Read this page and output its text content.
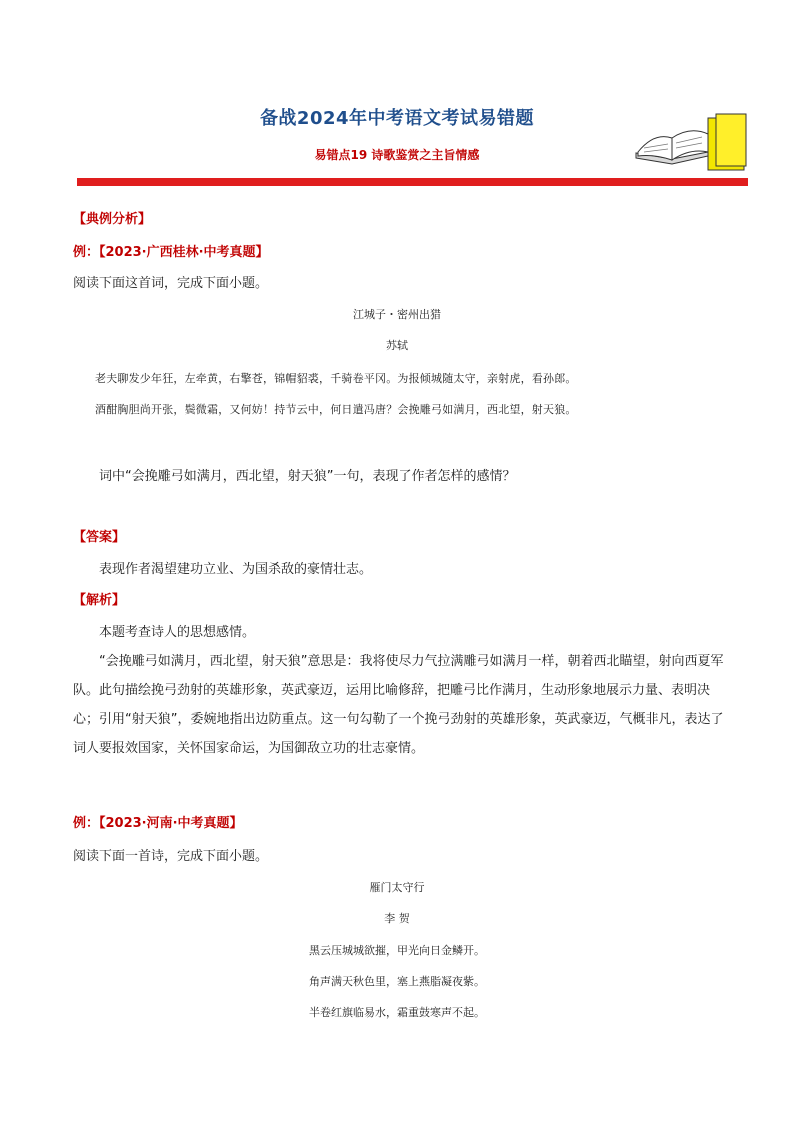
备战2024年中考语文考试易错题
易错点19 诗歌鉴赏之主旨情感
【典例分析】
例：【2023·广西桂林·中考真题】
阅读下面这首词，完成下面小题。
江城子・密州出猎
苏轼
老夫聊发少年狂，左牵黄，右擎苍，锦帽貂裘，千骑卷平冈。为报倾城随太守，亲射虎，看孙郎。
酒酣胸胆尚开张，鬓微霜，又何妨！持节云中，何日遣冯唐？会挽雕弓如满月，西北望，射天狼。
词中“会挽雕弓如满月，西北望，射天狼”一句，表现了作者怎样的感情？
【答案】
表现作者渴望建功立业、为国杀敌的豪情壮志。
【解析】
本题考查诗人的思想感情。
“会挽雕弓如满月，西北望，射天狼”意思是：我将使尽力气拉满雕弓如满月一样，朝着西北瞄望，射向西夏军队。此句描绘挽弓劲射的英雄形象，英武豪迈，运用比喻修辞，把雕弓比作满月，生动形象地展示力量、表明决心；引用“射天狼”，委婉地指出边防重点。这一句勾勒了一个挽弓劲射的英雄形象，英武豪迈，气概非凡，表达了词人要报效国家，关怀国家命运，为国御敌立功的壮志豪情。
例：【2023·河南·中考真题】
阅读下面一首诗，完成下面小题。
雁门太守行
李 贺
黑云压城城欲摧，甲光向日金鳞开。
角声满天秋色里，塞上燕脂凝夜紫。
半卷红旗临易水，霜重鼓寒声不起。
